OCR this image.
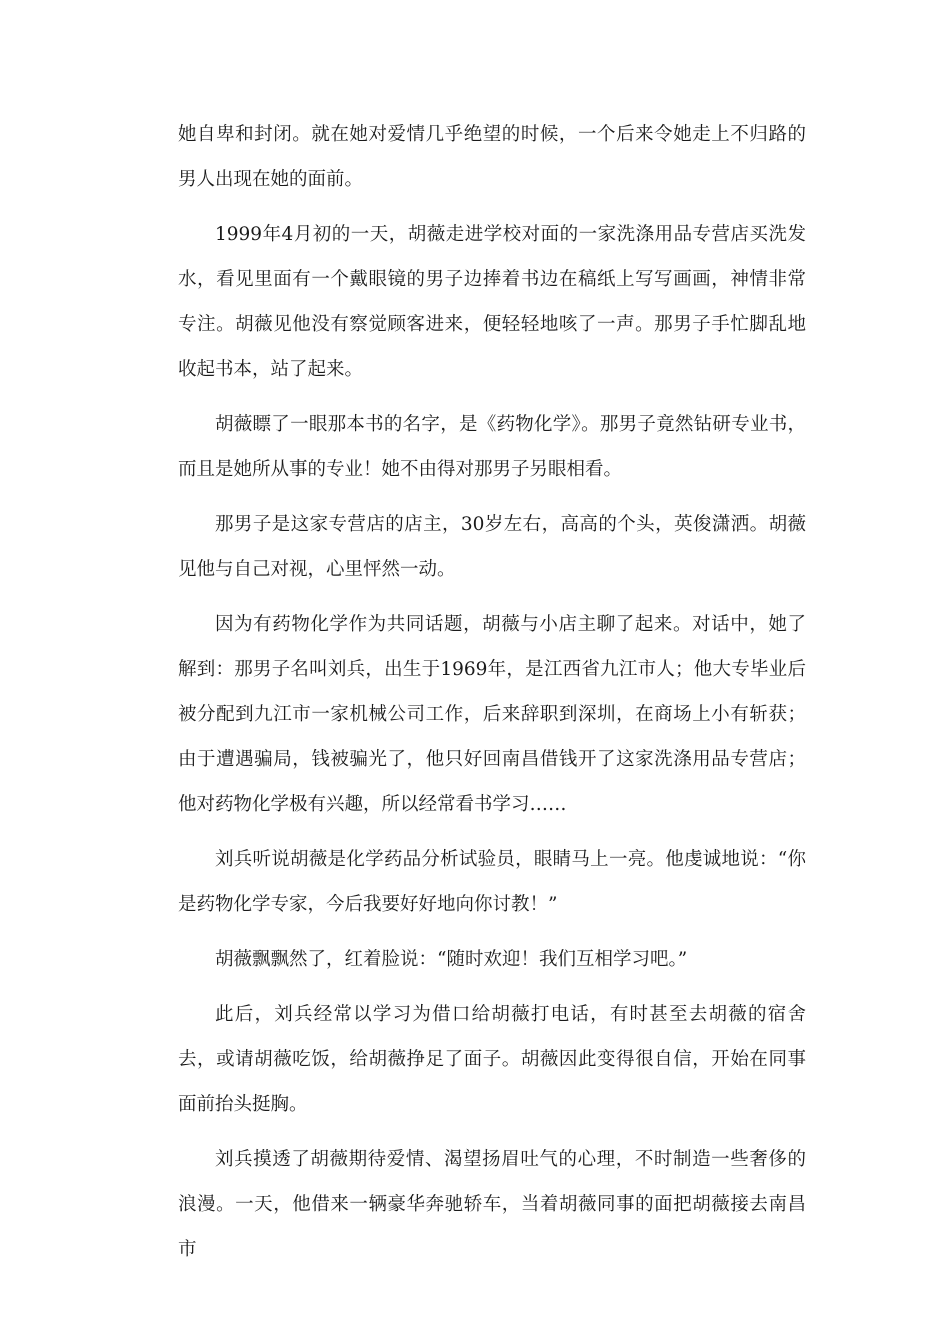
她自卑和封闭。就在她对爱情几乎绝望的时候，一个后来令她走上不归路的男人出现在她的面前。

1999年4月初的一天，胡薇走进学校对面的一家洗涤用品专营店买洗发水，看见里面有一个戴眼镜的男子边捧着书边在稿纸上写写画画，神情非常专注。胡薇见他没有察觉顾客进来，便轻轻地咳了一声。那男子手忙脚乱地收起书本，站了起来。

胡薇瞟了一眼那本书的名字，是《药物化学》。那男子竟然钻研专业书，而且是她所从事的专业！她不由得对那男子另眼相看。

那男子是这家专营店的店主，30岁左右，高高的个头，英俊潇洒。胡薇见他与自己对视，心里怦然一动。

因为有药物化学作为共同话题，胡薇与小店主聊了起来。对话中，她了解到：那男子名叫刘兵，出生于1969年，是江西省九江市人；他大专毕业后被分配到九江市一家机械公司工作，后来辞职到深圳，在商场上小有斩获；由于遭遇骗局，钱被骗光了，他只好回南昌借钱开了这家洗涤用品专营店；他对药物化学极有兴趣，所以经常看书学习……

刘兵听说胡薇是化学药品分析试验员，眼睛马上一亮。他虔诚地说：“你是药物化学专家，今后我要好好地向你讨教！”

胡薇飘飘然了，红着脸说：“随时欢迎！我们互相学习吧。”

此后，刘兵经常以学习为借口给胡薇打电话，有时甚至去胡薇的宿舍去，或请胡薇吃饭，给胡薇挣足了面子。胡薇因此变得很自信，开始在同事面前抬头挺胸。

刘兵摸透了胡薇期待爱情、渴望扬眉吐气的心理，不时制造一些奢侈的浪漫。一天，他借来一辆豪华奔驰轿车，当着胡薇同事的面把胡薇接去南昌市
